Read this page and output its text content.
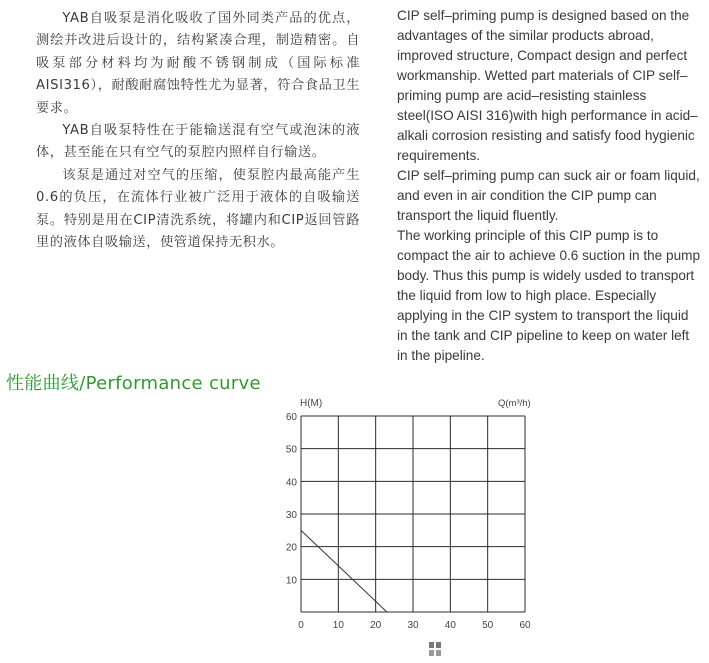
YAB自吸泵是消化吸收了国外同类产品的优点，测绘并改进后设计的，结构紧凑合理，制造精密。自吸泵部分材料均为耐酸不锈钢制成（国际标准AISI316），耐酸耐腐蚀特性尤为显著，符合食品卫生要求。

YAB自吸泵特性在于能输送混有空气或泡沫的液体，甚至能在只有空气的泵腔内照样自行输送。

该泵是通过对空气的压缩，使泵腔内最高能产生0.6的负压，在流体行业被广泛用于液体的自吸输送泵。特别是用在CIP清洗系统，将罐内和CIP返回管路里的液体自吸输送，使管道保持无积水。

CIP self–priming pump is designed based on the advantages of the similar products abroad, improved structure, Compact design and perfect workmanship. Wetted part materials of CIP self–priming pump are acid–resisting stainless steel(ISO AISI 316)with high performance in acid–alkali corrosion resisting and satisfy food hygienic requirements.

CIP self–priming pump can suck air or foam liquid, and even in air condition the CIP pump can transport the liquid fluently.

The working principle of this CIP pump is to compact the air to achieve 0.6 suction in the pump body. Thus this pump is widely usded to transport the liquid from low to high place. Especially applying in the CIP system to transport the liquid in the tank and CIP pipeline to keep on water left in the pipeline.

性能曲线/Performance curve
0	10	20	30	40	50	60
10
20
30
40
50
60
H(M)	Q(m³/h)
